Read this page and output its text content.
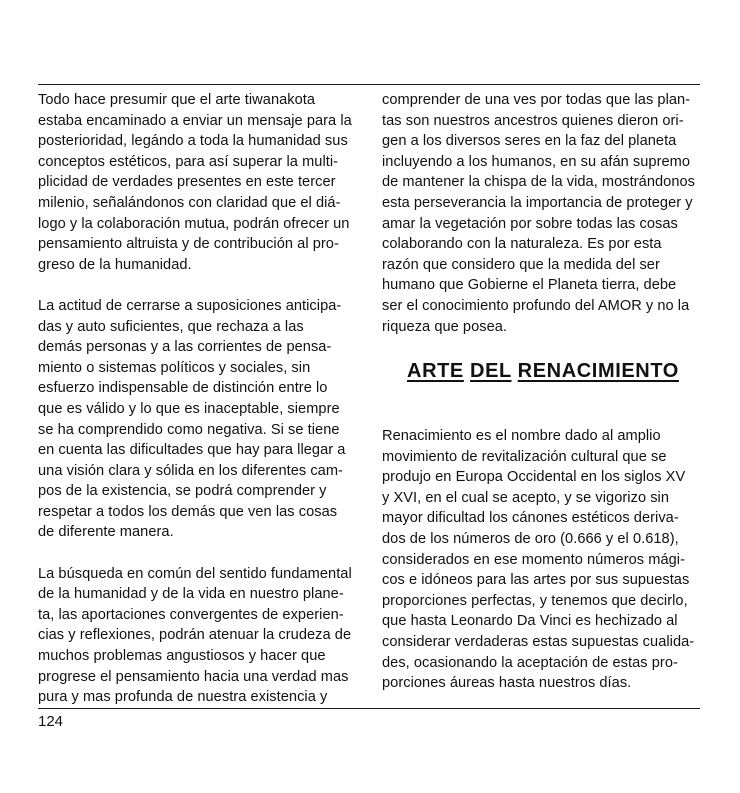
Todo hace presumir que el arte tiwanakota
estaba encaminado a enviar un mensaje para la
posterioridad, legándo a toda la humanidad sus
conceptos estéticos, para así superar la multi-
plicidad de verdades presentes en este tercer
milenio, señalándonos con claridad que el diá-
logo y la colaboración mutua, podrán ofrecer un
pensamiento altruista y de contribución al pro-
greso de la humanidad.
La actitud de cerrarse a suposiciones anticipa-
das y auto suficientes, que rechaza a las
demás personas y a las corrientes de pensa-
miento o sistemas políticos y sociales, sin
esfuerzo indispensable de distinción entre lo
que es válido y lo que es inaceptable, siempre
se ha comprendido como negativa. Si se tiene
en cuenta las dificultades que hay para llegar a
una visión clara y sólida en los diferentes cam-
pos de la existencia, se podrá comprender y
respetar a todos los demás que ven las cosas
de diferente manera.
La búsqueda en común del sentido fundamental
de la humanidad y de la vida en nuestro plane-
ta, las aportaciones convergentes de experien-
cias y reflexiones, podrán atenuar la crudeza de
muchos problemas angustiosos y hacer que
progrese el pensamiento hacia una verdad mas
pura y mas profunda de nuestra existencia y
comprender de una ves por todas que las plan-
tas son nuestros ancestros quienes dieron ori-
gen a los diversos seres en la faz del planeta
incluyendo a los humanos, en su afán supremo
de mantener la chispa de la vida, mostrándonos
esta perseverancia la importancia de proteger y
amar la vegetación por sobre todas las cosas
colaborando con la naturaleza. Es por esta
razón que considero que la medida del ser
humano que Gobierne el Planeta tierra, debe
ser el conocimiento profundo del AMOR y no la
riqueza que posea.
ARTE DEL RENACIMIENTO
Renacimiento es el nombre dado al amplio
movimiento de revitalización cultural que se
produjo en Europa Occidental en los siglos XV
y XVI, en el cual se acepto, y se vigorizo sin
mayor dificultad los cánones estéticos deriva-
dos de los números de oro (0.666 y el 0.618),
considerados en ese momento números mági-
cos e idóneos para las artes por sus supuestas
proporciones perfectas, y tenemos que decirlo,
que hasta Leonardo Da Vinci es hechizado al
considerar verdaderas estas supuestas cualida-
des, ocasionando la aceptación de estas pro-
porciones áureas hasta nuestros días.
124
